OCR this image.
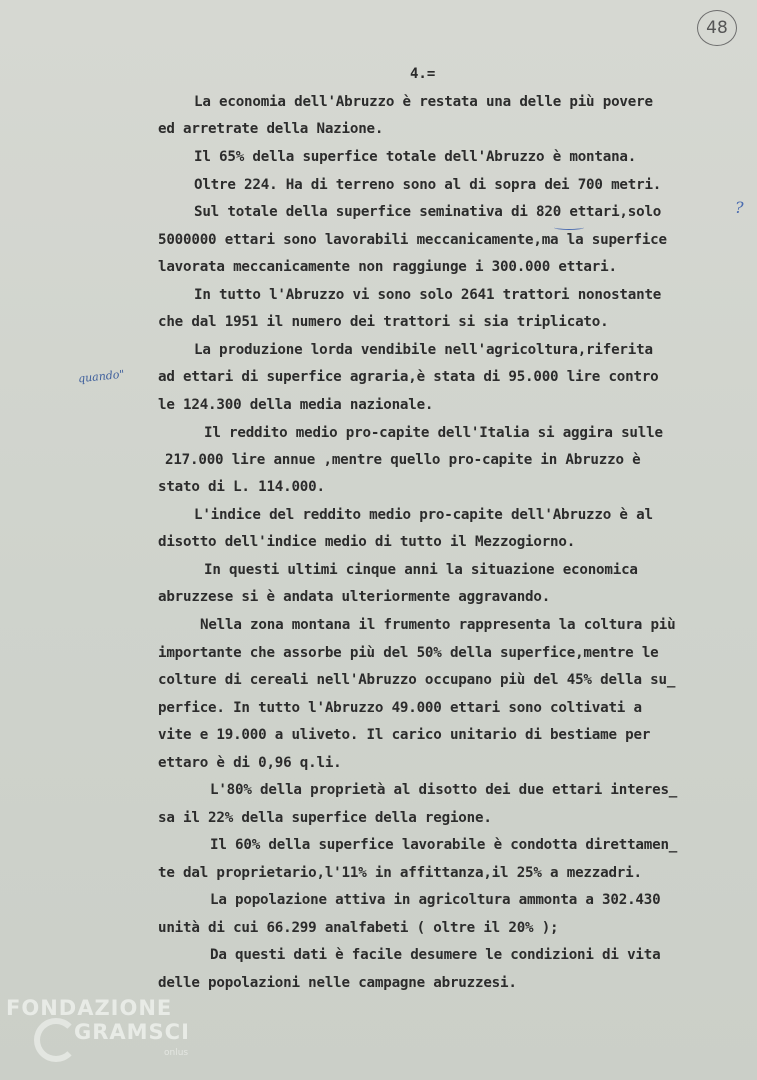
48
4.=
La economia dell'Abruzzo è restata una delle più povere
ed arretrate della Nazione.
Il 65% della superfice totale dell'Abruzzo è montana.
Oltre 224. Ha di terreno sono al di sopra dei 700 metri.
Sul totale della superfice seminativa di 820 ettari,solo
5000000 ettari sono lavorabili meccanicamente,ma la superfice
lavorata meccanicamente non raggiunge i 300.000 ettari.
In tutto l'Abruzzo vi sono solo 2641 trattori nonostante
che dal 1951 il numero dei trattori si sia triplicato.
La produzione lorda vendibile nell'agricoltura,riferita
ad ettari di superfice agraria,è stata di 95.000 lire contro
le 124.300 della media nazionale.
Il reddito medio pro-capite dell'Italia si aggira sulle
217.000 lire annue ,mentre quello pro-capite in Abruzzo è
stato di L. 114.000.
L'indice del reddito medio pro-capite dell'Abruzzo è al
disotto dell'indice medio di tutto il Mezzogiorno.
In questi ultimi cinque anni la situazione economica
abruzzese si è andata ulteriormente aggravando.
Nella zona montana il frumento rappresenta la coltura più
importante che assorbe più del 50% della superfice,mentre le
colture di cereali nell'Abruzzo occupano più del 45% della su_
perfice. In tutto l'Abruzzo 49.000 ettari sono coltivati a
vite e 19.000 a uliveto. Il carico unitario di bestiame per
ettaro è di 0,96 q.li.
L'80% della proprietà al disotto dei due ettari interes_
sa il 22% della superfice della regione.
Il 60% della superfice lavorabile è condotta direttamen_
te dal proprietario,l'11% in affittanza,il 25% a mezzadri.
La popolazione attiva in agricoltura ammonta a 302.430
unità di cui 66.299 analfabeti ( oltre il 20% );
Da questi dati è facile desumere le condizioni di vita
delle popolazioni nelle campagne abruzzesi.
quando"
?
FONDAZIONE
GRAMSCI
onlus
